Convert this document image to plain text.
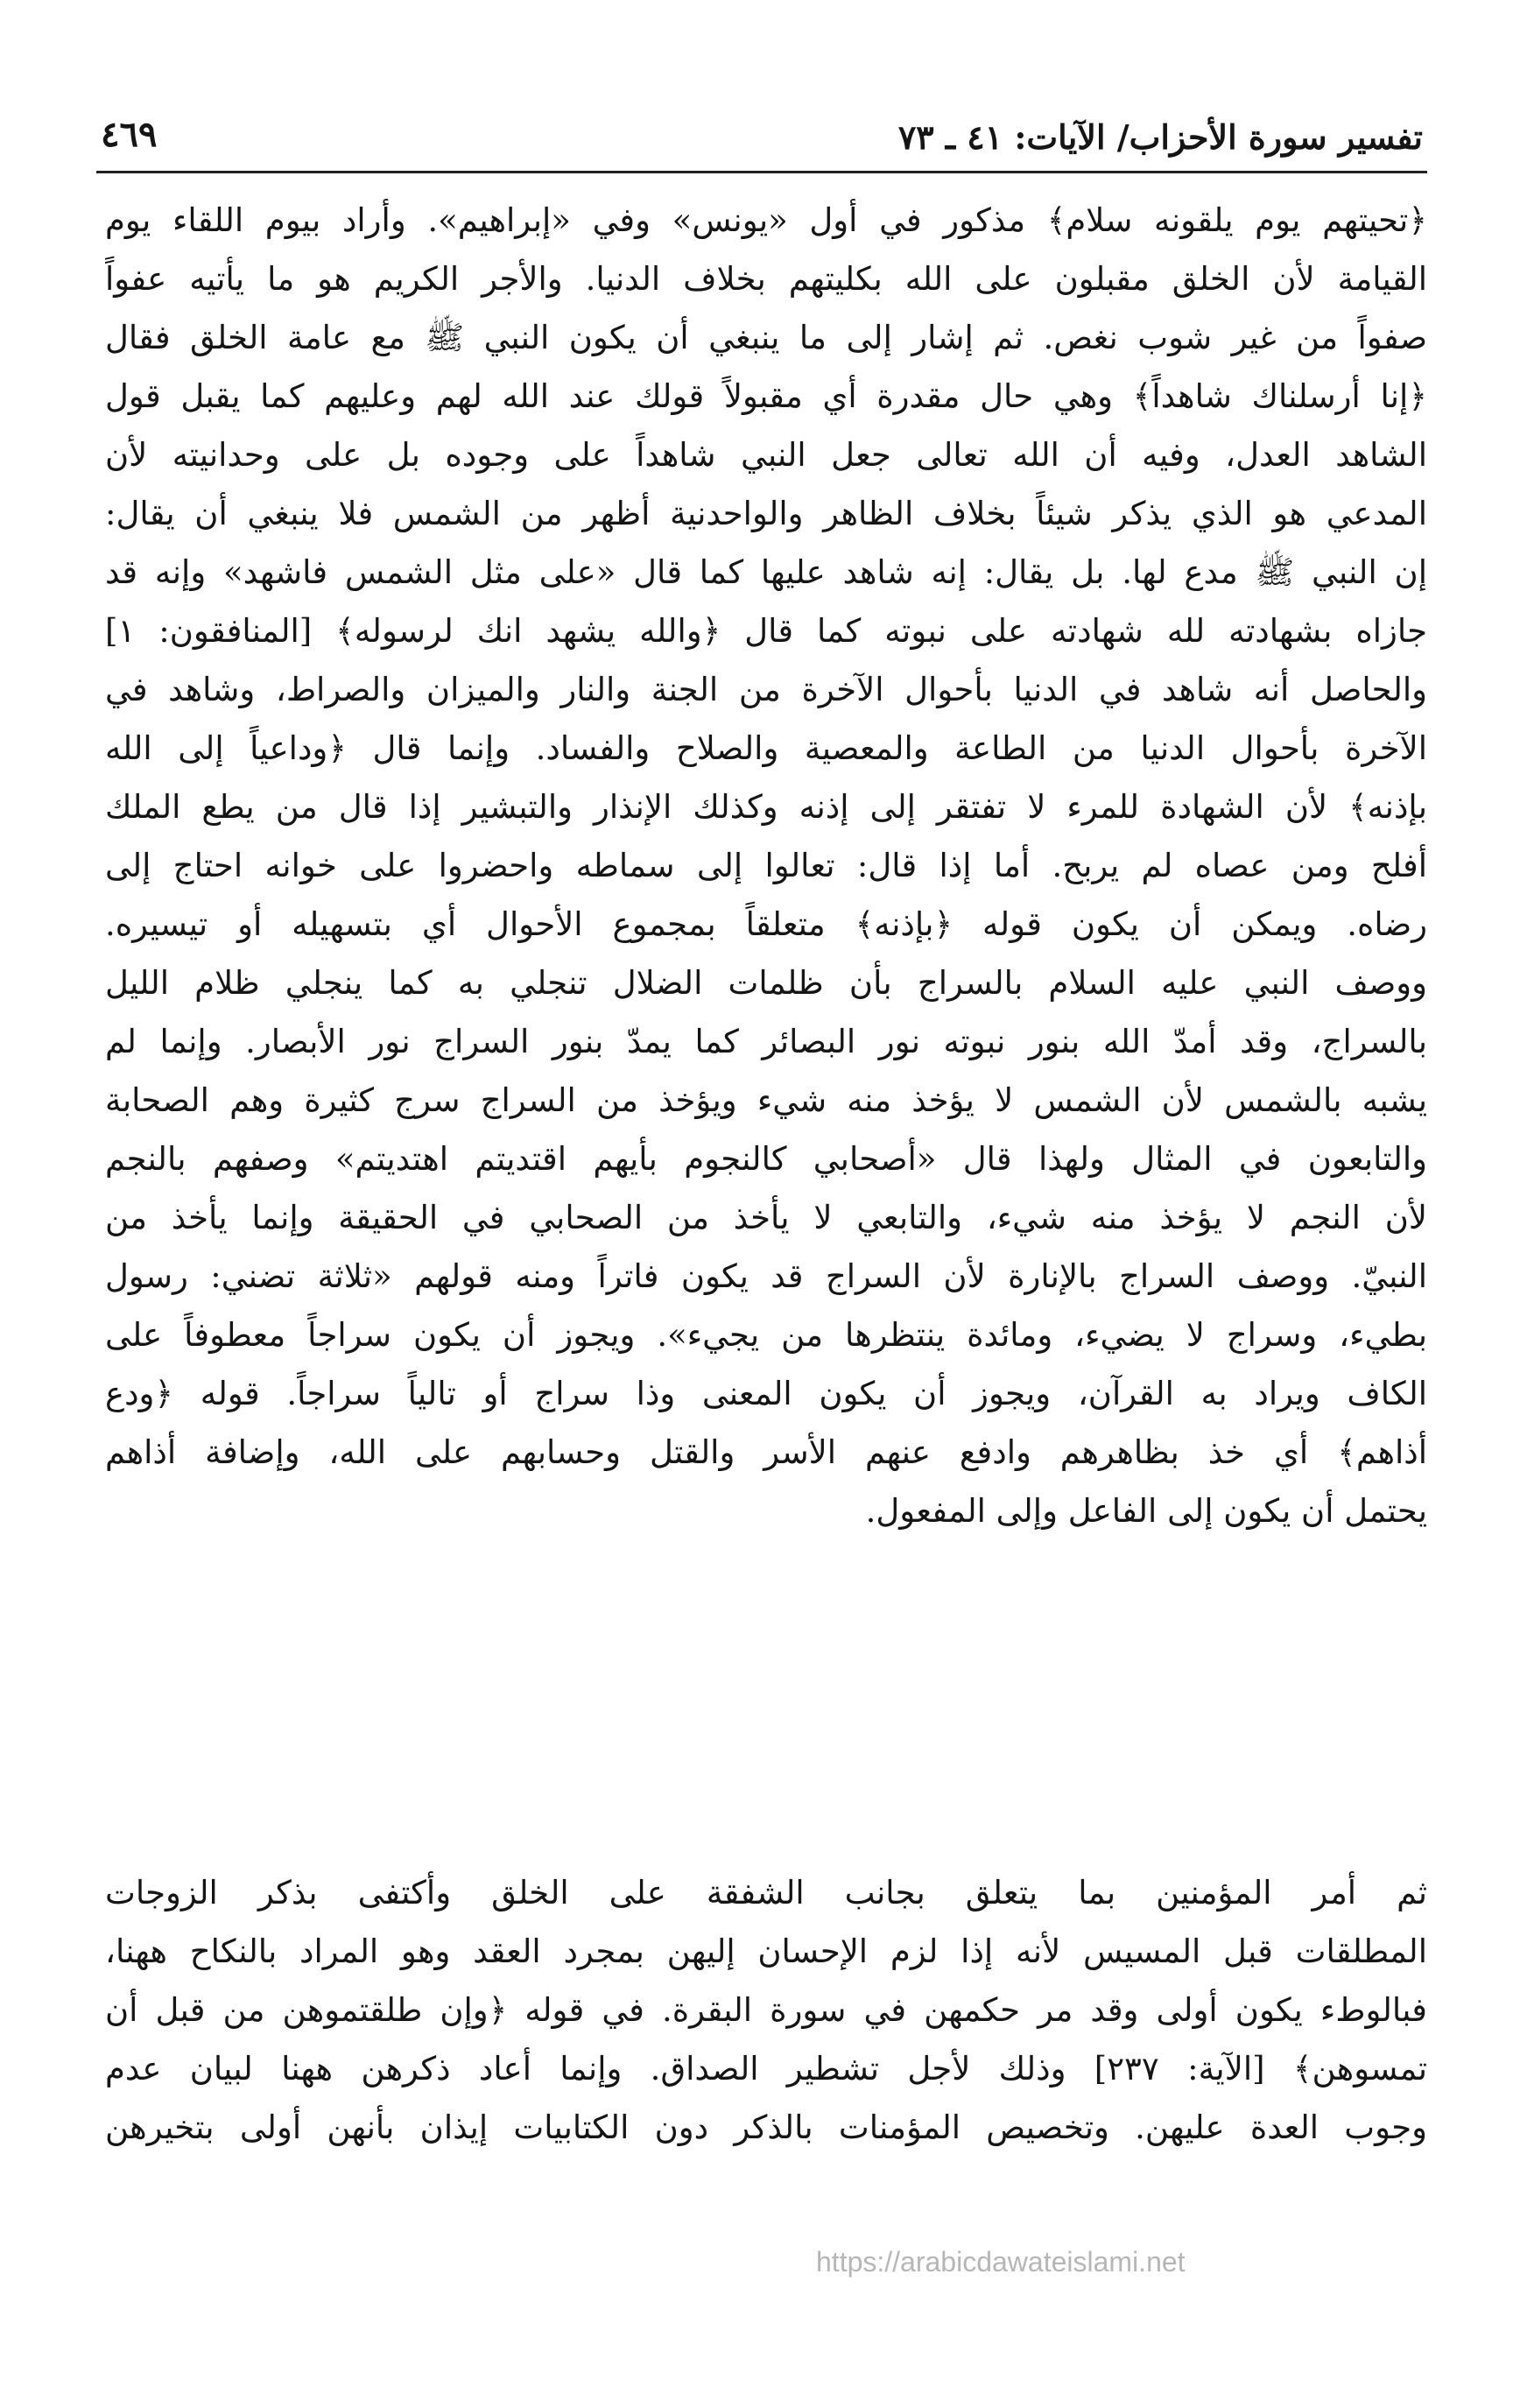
تفسير سورة الأحزاب/ الآيات: ٤١ ـ ٧٣
٤٦٩
﴿تحيتهم يوم يلقونه سلام﴾ مذكور في أول «يونس» وفي «إبراهيم». وأراد بيوم اللقاء يوم
القيامة لأن الخلق مقبلون على الله بكليتهم بخلاف الدنيا. والأجر الكريم هو ما يأتيه عفواً
صفواً من غير شوب نغص. ثم إشار إلى ما ينبغي أن يكون النبي ﷺ مع عامة الخلق فقال
﴿إنا أرسلناك شاهداً﴾ وهي حال مقدرة أي مقبولاً قولك عند الله لهم وعليهم كما يقبل قول
الشاهد العدل، وفيه أن الله تعالى جعل النبي شاهداً على وجوده بل على وحدانيته لأن
المدعي هو الذي يذكر شيئاً بخلاف الظاهر والواحدنية أظهر من الشمس فلا ينبغي أن يقال:
إن النبي ﷺ مدع لها. بل يقال: إنه شاهد عليها كما قال «على مثل الشمس فاشهد» وإنه قد
جازاه بشهادته لله شهادته على نبوته كما قال ﴿والله يشهد انك لرسوله﴾ [المنافقون: ١]
والحاصل أنه شاهد في الدنيا بأحوال الآخرة من الجنة والنار والميزان والصراط، وشاهد في
الآخرة بأحوال الدنيا من الطاعة والمعصية والصلاح والفساد. وإنما قال ﴿وداعياً إلى الله
بإذنه﴾ لأن الشهادة للمرء لا تفتقر إلى إذنه وكذلك الإنذار والتبشير إذا قال من يطع الملك
أفلح ومن عصاه لم يربح. أما إذا قال: تعالوا إلى سماطه واحضروا على خوانه احتاج إلى
رضاه. ويمكن أن يكون قوله ﴿بإذنه﴾ متعلقاً بمجموع الأحوال أي بتسهيله أو تيسيره.
ووصف النبي عليه السلام بالسراج بأن ظلمات الضلال تنجلي به كما ينجلي ظلام الليل
بالسراج، وقد أمدّ الله بنور نبوته نور البصائر كما يمدّ بنور السراج نور الأبصار. وإنما لم
يشبه بالشمس لأن الشمس لا يؤخذ منه شيء ويؤخذ من السراج سرج كثيرة وهم الصحابة
والتابعون في المثال ولهذا قال «أصحابي كالنجوم بأيهم اقتديتم اهتديتم» وصفهم بالنجم
لأن النجم لا يؤخذ منه شيء، والتابعي لا يأخذ من الصحابي في الحقيقة وإنما يأخذ من
النبيّ. ووصف السراج بالإنارة لأن السراج قد يكون فاتراً ومنه قولهم «ثلاثة تضني: رسول
بطيء، وسراج لا يضيء، ومائدة ينتظرها من يجيء». ويجوز أن يكون سراجاً معطوفاً على
الكاف ويراد به القرآن، ويجوز أن يكون المعنى وذا سراج أو تالياً سراجاً. قوله ﴿ودع
أذاهم﴾ أي خذ بظاهرهم وادفع عنهم الأسر والقتل وحسابهم على الله، وإضافة أذاهم
يحتمل أن يكون إلى الفاعل وإلى المفعول.
ثم أمر المؤمنين بما يتعلق بجانب الشفقة على الخلق وأكتفى بذكر الزوجات
المطلقات قبل المسيس لأنه إذا لزم الإحسان إليهن بمجرد العقد وهو المراد بالنكاح ههنا،
فبالوطء يكون أولى وقد مر حكمهن في سورة البقرة. في قوله ﴿وإن طلقتموهن من قبل أن
تمسوهن﴾ [الآية: ٢٣٧] وذلك لأجل تشطير الصداق. وإنما أعاد ذكرهن ههنا لبيان عدم
وجوب العدة عليهن. وتخصيص المؤمنات بالذكر دون الكتابيات إيذان بأنهن أولى بتخيرهن
https://arabicdawateislami.net
